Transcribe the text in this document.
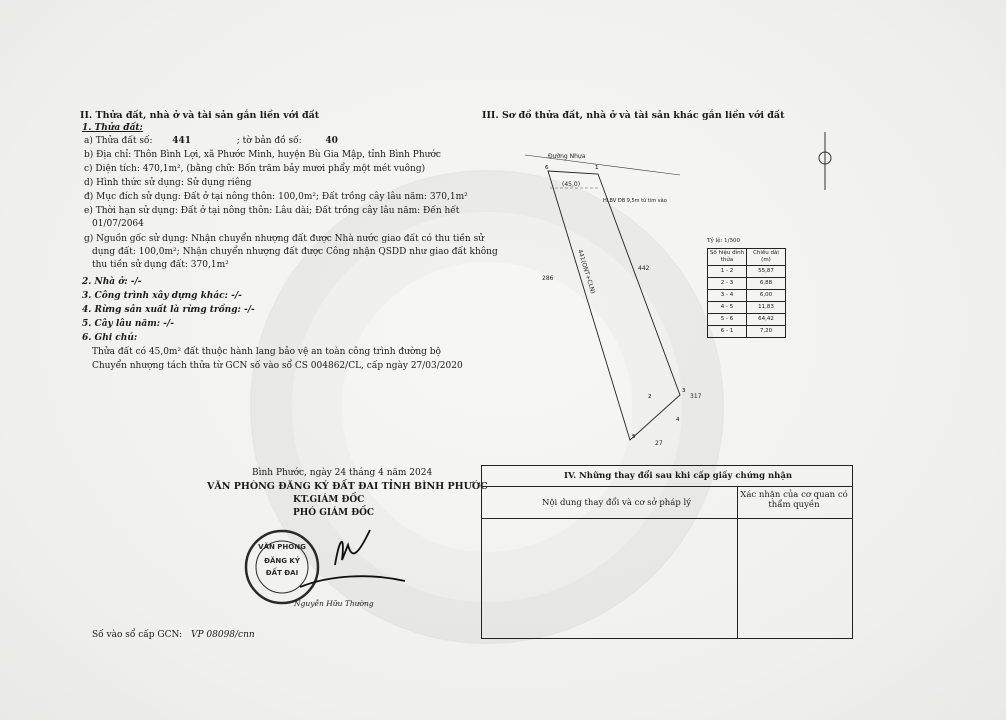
II. Thửa đất, nhà ở và tài sản gắn liền với đất
1. Thửa đất:
a) Thửa đất số: 441	; tờ bản đồ số:	40
b) Địa chỉ: Thôn Bình Lợi, xã Phước Minh, huyện Bù Gia Mập, tỉnh Bình Phước
c) Diện tích: 470,1m², (bằng chữ: Bốn trăm bảy mươi phẩy một mét vuông)
d) Hình thức sử dụng: Sử dụng riêng
đ) Mục đích sử dụng: Đất ở tại nông thôn: 100,0m²; Đất trồng cây lâu năm: 370,1m²
e) Thời hạn sử dụng: Đất ở tại nông thôn: Lâu dài; Đất trồng cây lâu năm: Đến hết
01/07/2064
g) Nguồn gốc sử dụng: Nhận chuyển nhượng đất được Nhà nước giao đất có thu tiền sử
dụng đất: 100,0m²; Nhận chuyển nhượng đất được Công nhận QSDD như giao đất không
thu tiền sử dụng đất: 370,1m²
2. Nhà ở: -/-
3. Công trình xây dựng khác: -/-
4. Rừng sản xuất là rừng trồng: -/-
5. Cây lâu năm: -/-
6. Ghi chú:
Thửa đất có 45,0m² đất thuộc hành lang bảo vệ an toàn công trình đường bộ
Chuyển nhượng tách thửa từ GCN số vào sổ CS 004862/CL, cấp ngày 27/03/2020
Bình Phước, ngày 24 tháng 4 năm 2024
VĂN PHÒNG ĐĂNG KÝ ĐẤT ĐAI TỈNH BÌNH PHƯỚC
KT.GIÁM ĐỐC
PHÓ GIÁM ĐỐC
VĂN PHÒNG
ĐĂNG KÝ
ĐẤT ĐAI
Nguyễn Hữu Thường
Số vào sổ cấp GCN: VP 08098/cnn
III. Sơ đồ thửa đất, nhà ở và tài sản khác gắn liền với đất
Đường Nhựa
(45,0)
HLBV ĐB 9,5m từ tim vào
441(ONT+CLN)
286
442
317
27
6	1
2
3
4
5
Tỷ lệ: 1/500
Số hiệu đỉnh thửa	Chiều dài (m)
1 - 2	55,87
2 - 3	6,88
3 - 4	6,00
4 - 5	11,83
5 - 6	64,42
6 - 1	7,20
IV. Những thay đổi sau khi cấp giấy chứng nhận
Nội dung thay đổi và cơ sở pháp lý
Xác nhận của cơ quan có thẩm quyền
